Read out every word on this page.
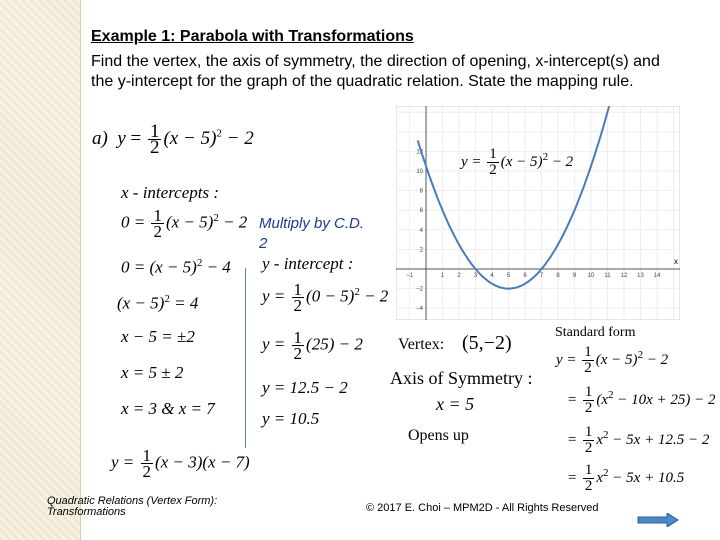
Example 1: Parabola with Transformations
Find the vertex, the axis of symmetry, the direction of opening, x-intercept(s) and the y-intercept for the graph of the quadratic relation. State the mapping rule.
a) $y = \frac{1}{2} (x - 5)^2 - 2$
x - intercepts :
$0 = \frac{1}{2} (x - 5)^2 - 2$
$0 = (x - 5)^2 - 4$
$(x - 5)^2 = 4$
x − 5 = ±2
x = 5 ± 2
x = 3 & x = 7
$y = \frac{1}{2} (x - 3)(x - 7)$
Multiply by C.D.
2
y - intercept :
$y = \frac{1}{2} (0 - 5)^2 - 2$
$y = \frac{1}{2} (25) - 2$
y = 12.5 − 2
y = 10.5
−1	1 2 3 4 5 6 7 8 9 10 11 12 13 14
12
10
8
6
4
2
−2
−4
x
$y = \frac{1}{2} (x - 5)^2 - 2$
Vertex: (5,−2)
Axis of Symmetry :
x = 5
Opens up
Standard form
$y = \frac{1}{2} (x - 5)^2 - 2$
= $\frac{1}{2} (x^2 - 10x + 25) - 2$
= $\frac{1}{2} x^2 - 5x + 12.5 - 2$
= $\frac{1}{2} x^2 - 5x + 10.5$
Quadratic Relations (Vertex Form):
Transformations	© 2017 E. Choi – MPM2D - All Rights Reserved
